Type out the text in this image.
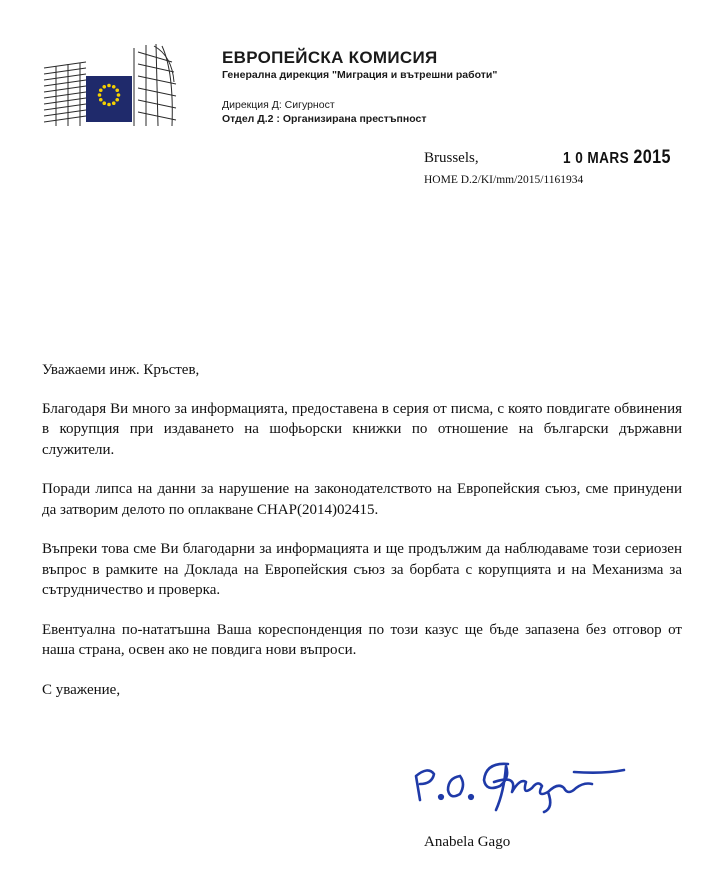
ЕВРОПЕЙСКА КОМИСИЯ

Генерална дирекция "Миграция и вътрешни работи"

Дирекция Д: Сигурност

Отдел Д.2 : Организирана престъпност

Brussels,	1 0 MARS 2015
HOME D.2/KI/mm/2015/1161934

Уважаеми инж. Кръстев,

Благодаря Ви много за информацията, предоставена в серия от писма, с която повдигате обвинения в корупция при издаването на шофьорски книжки по отношение на български държавни служители.

Поради липса на данни за нарушение на законодателството на Европейския съюз, сме принудени да затворим делото по оплакване CHAP(2014)02415.

Въпреки това сме Ви благодарни за информацията и ще продължим да наблюдаваме този сериозен въпрос в рамките на Доклада на Европейския съюз за борбата с корупцията и на Механизма за сътрудничество и проверка.

Евентуална по-нататъшна Ваша кореспонденция по този казус ще бъде запазена без отговор от наша страна, освен ако не повдига нови въпроси.

С уважение,

Anabela Gago
